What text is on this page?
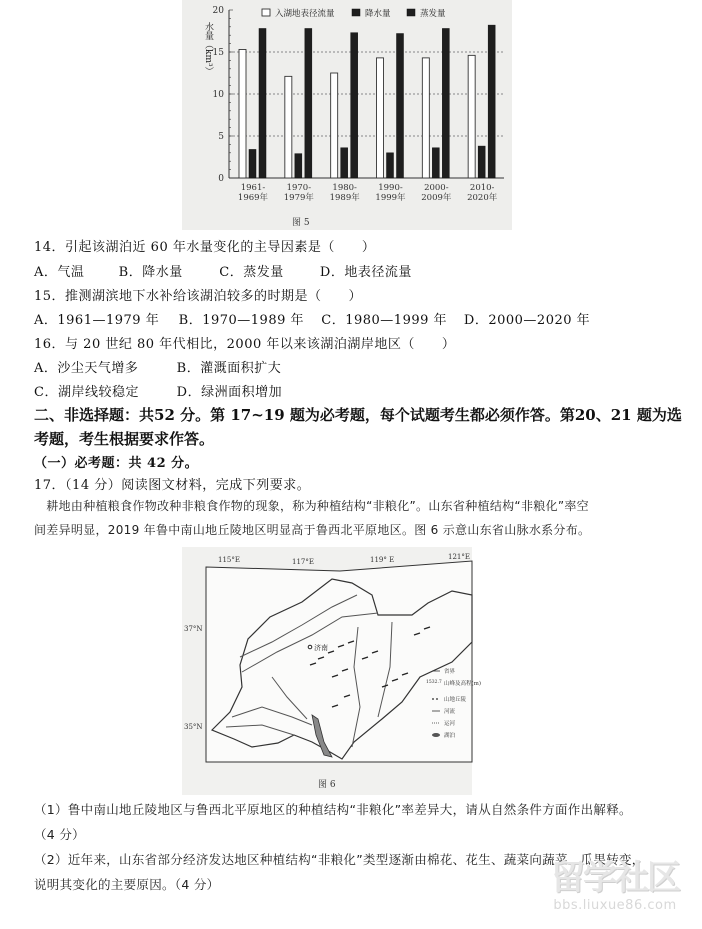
0
5
10
15
20
1961-
1969年
1970-
1979年
1980-
1989年
1990-
1999年
2000-
2009年
2010-
2020年
入湖地表径流量	降水量	蒸发量
水量（km³）
图 5
14．引起该湖泊近 60 年水量变化的主导因素是（　　）
A．气温	B．降水量	C．蒸发量	D．地表径流量
15．推测湖滨地下水补给该湖泊较多的时期是（　　）
A．1961—1979 年 B．1970—1989 年 C．1980—1999 年 D．2000—2020 年
16．与 20 世纪 80 年代相比，2000 年以来该湖泊湖岸地区（　　）
A．沙尘天气增多	B．灌溉面积扩大
C．湖岸线较稳定	D．绿洲面积增加
二、非选择题：共52 分。第 17~19 题为必考题，每个试题考生都必须作答。第20、21 题为选
考题，考生根据要求作答。
（一）必考题：共 42 分。
17．（14 分）阅读图文材料，完成下列要求。
　耕地由种植粮食作物改种非粮食作物的现象，称为种植结构“非粮化”。山东省种植结构“非粮化”率空
间差异明显，2019 年鲁中南山地丘陵地区明显高于鲁西北平原地区。图 6 示意山东省山脉水系分布。
115°E	117°E	119° E	121°E
37°N
35°N
济南
省界
1532.7 山峰及高程(m)
山地丘陵
河流
运河
湖泊
图 6
（1）鲁中南山地丘陵地区与鲁西北平原地区的种植结构“非粮化”率差异大，请从自然条件方面作出解释。
（4 分）
（2）近年来，山东省部分经济发达地区种植结构“非粮化”类型逐渐由棉花、花生、蔬菜向蔬菜、瓜果转变，
说明其变化的主要原因。（4 分）	留学社区
bbs.liuxue86.com
